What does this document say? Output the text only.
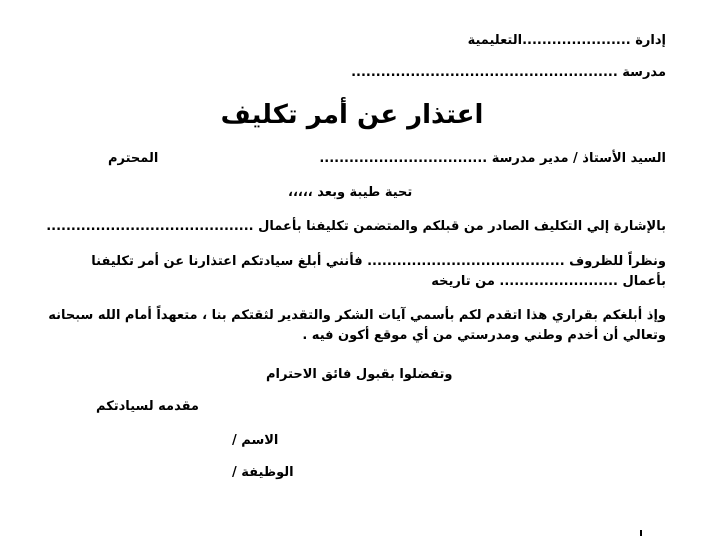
إدارة ......................التعليمية
مدرسة ......................................................
اعتذار عن أمر تكليف
السيد الأستاذ / مدير مدرسة ..................................
المحترم
تحية طيبة وبعد ،،،،،
بالإشارة إلي التكليف الصادر من قبلكم والمتضمن تكليفنا بأعمال ..........................................
ونظراً للظروف ........................................ فأنني أبلغ سيادتكم اعتذارنا عن أمر تكليفنا
بأعمال ........................ من تاريخه
وإذ أبلغكم بقراري هذا اتقدم لكم بأسمي آيات الشكر والتقدير لثقتكم بنا ، متعهداً أمام الله سبحانه
وتعالي أن أخدم وطني ومدرستي من أي موقع أكون فيه .
وتفضلوا بقبول فائق الاحترام
مقدمه لسيادتكم
الاسم /
الوظيفة /
